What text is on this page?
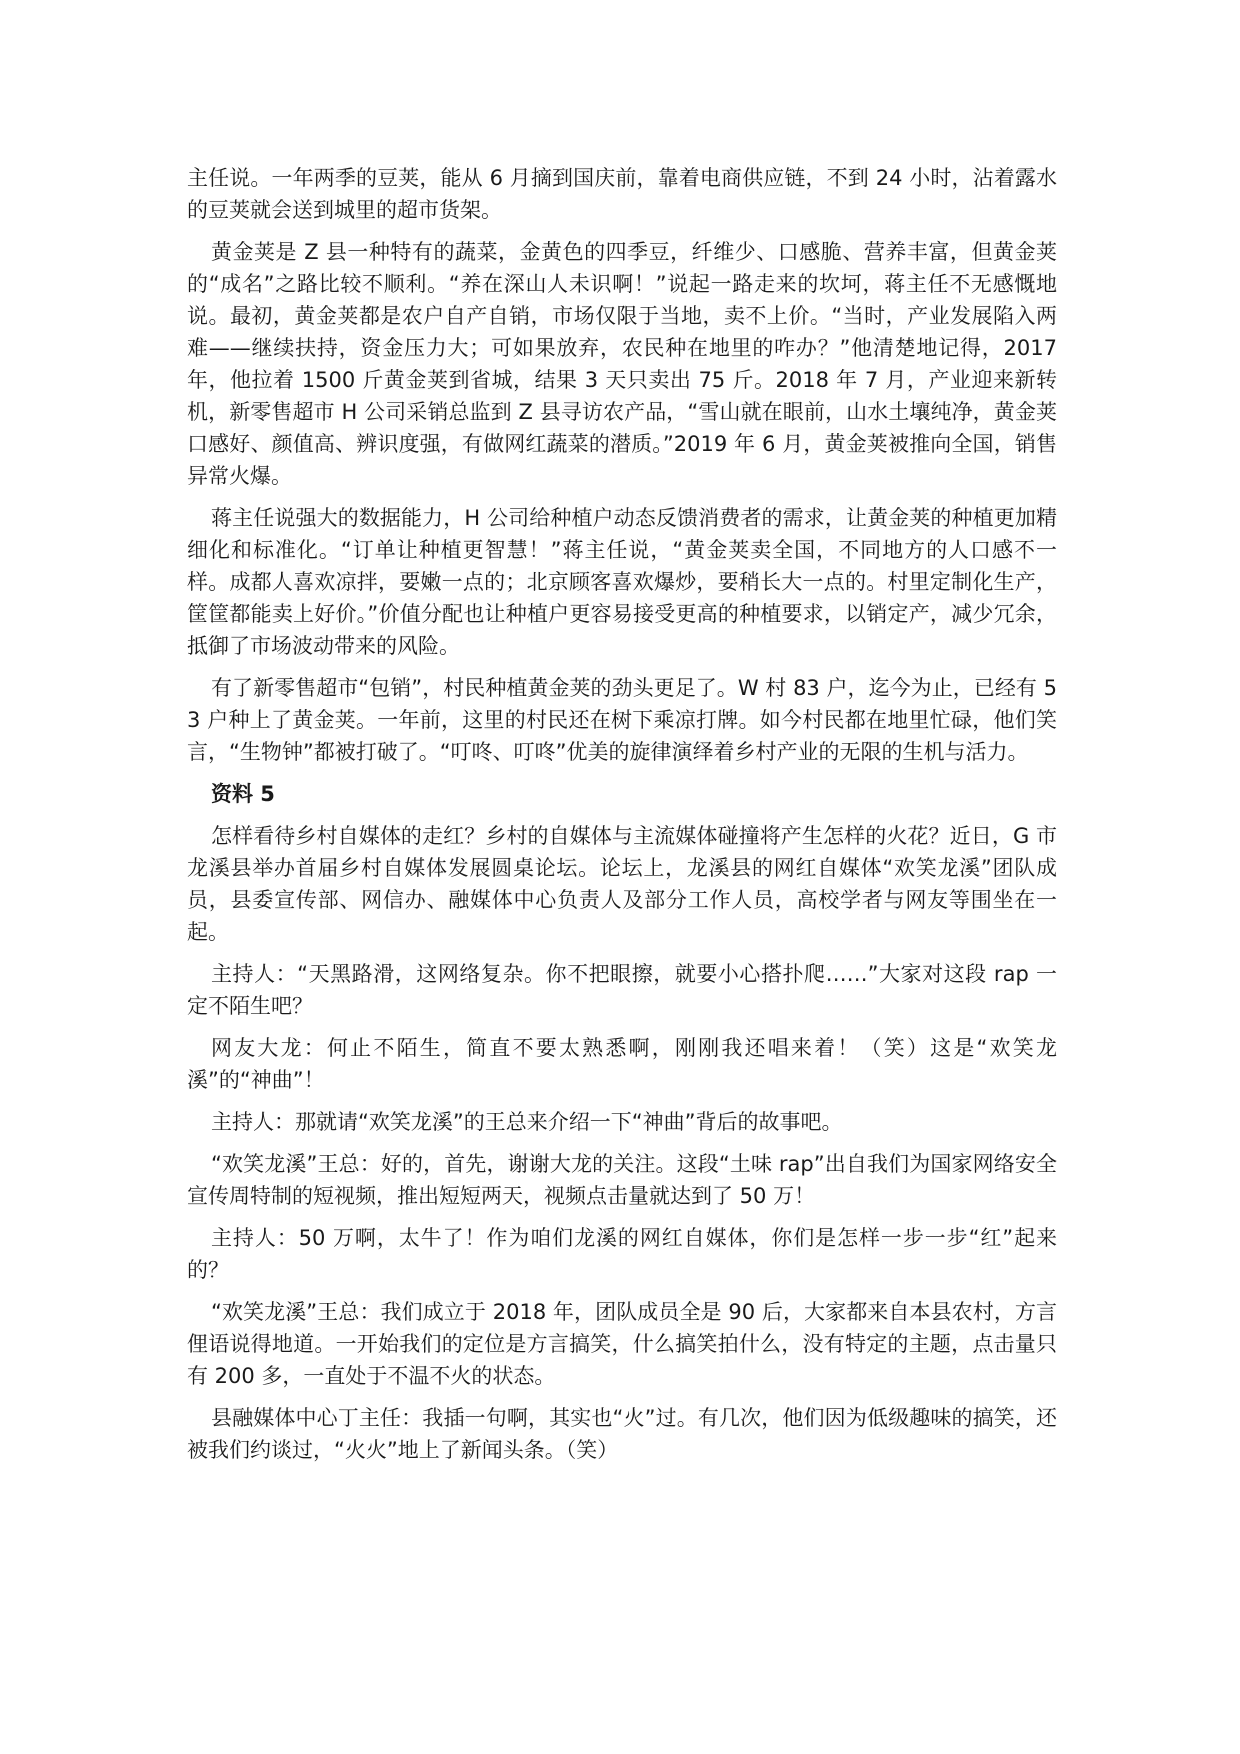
主任说。一年两季的豆荚，能从 6 月摘到国庆前，靠着电商供应链，不到 24 小时，沾着露水的豆荚就会送到城里的超市货架。

黄金荚是 Z 县一种特有的蔬菜，金黄色的四季豆，纤维少、口感脆、营养丰富，但黄金荚的“成名”之路比较不顺利。“养在深山人未识啊！”说起一路走来的坎坷，蒋主任不无感慨地说。最初，黄金荚都是农户自产自销，市场仅限于当地，卖不上价。“当时，产业发展陷入两难——继续扶持，资金压力大；可如果放弃，农民种在地里的咋办？”他清楚地记得，2017 年，他拉着 1500 斤黄金荚到省城，结果 3 天只卖出 75 斤。2018 年 7 月，产业迎来新转机，新零售超市 H 公司采销总监到 Z 县寻访农产品，“雪山就在眼前，山水土壤纯净，黄金荚口感好、颜值高、辨识度强，有做网红蔬菜的潜质。”2019 年 6 月，黄金荚被推向全国，销售异常火爆。

蒋主任说强大的数据能力，H 公司给种植户动态反馈消费者的需求，让黄金荚的种植更加精细化和标准化。“订单让种植更智慧！”蒋主任说，“黄金荚卖全国，不同地方的人口感不一样。成都人喜欢凉拌，要嫩一点的；北京顾客喜欢爆炒，要稍长大一点的。村里定制化生产，筐筐都能卖上好价。”价值分配也让种植户更容易接受更高的种植要求，以销定产，减少冗余，抵御了市场波动带来的风险。

有了新零售超市“包销”，村民种植黄金荚的劲头更足了。W 村 83 户，迄今为止，已经有 53 户种上了黄金荚。一年前，这里的村民还在树下乘凉打牌。如今村民都在地里忙碌，他们笑言，“生物钟”都被打破了。“叮咚、叮咚”优美的旋律演绎着乡村产业的无限的生机与活力。

资料 5

怎样看待乡村自媒体的走红？乡村的自媒体与主流媒体碰撞将产生怎样的火花？近日，G 市龙溪县举办首届乡村自媒体发展圆桌论坛。论坛上，龙溪县的网红自媒体“欢笑龙溪”团队成员，县委宣传部、网信办、融媒体中心负责人及部分工作人员，高校学者与网友等围坐在一起。

主持人：“天黑路滑，这网络复杂。你不把眼擦，就要小心搭扑爬……”大家对这段 rap 一定不陌生吧？

网友大龙：何止不陌生，简直不要太熟悉啊，刚刚我还唱来着！（笑）这是“欢笑龙溪”的“神曲”！

主持人：那就请“欢笑龙溪”的王总来介绍一下“神曲”背后的故事吧。

“欢笑龙溪”王总：好的，首先，谢谢大龙的关注。这段“土味 rap”出自我们为国家网络安全宣传周特制的短视频，推出短短两天，视频点击量就达到了 50 万！

主持人：50 万啊，太牛了！作为咱们龙溪的网红自媒体，你们是怎样一步一步“红”起来的？

“欢笑龙溪”王总：我们成立于 2018 年，团队成员全是 90 后，大家都来自本县农村，方言俚语说得地道。一开始我们的定位是方言搞笑，什么搞笑拍什么，没有特定的主题，点击量只有 200 多，一直处于不温不火的状态。

县融媒体中心丁主任：我插一句啊，其实也“火”过。有几次，他们因为低级趣味的搞笑，还被我们约谈过，“火火”地上了新闻头条。（笑）
